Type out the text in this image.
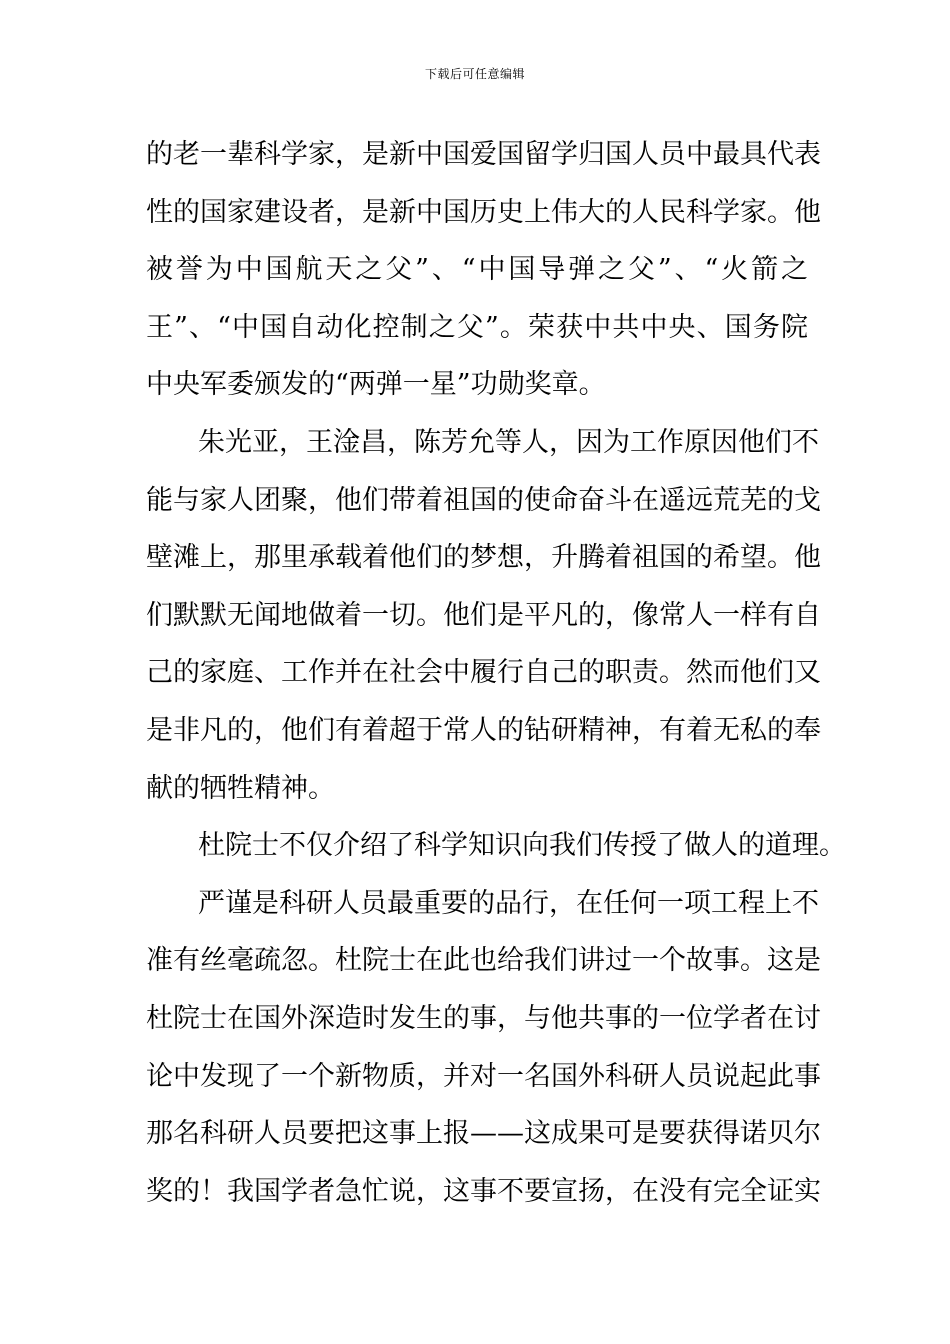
下载后可任意编辑
的老一辈科学家，是新中国爱国留学归国人员中最具代表
性的国家建设者，是新中国历史上伟大的人民科学家。他
被誉为中国航天之父”、“中国导弹之父”、“火箭之
王”、“中国自动化控制之父”。荣获中共中央、国务院
中央军委颁发的“两弹一星”功勋奖章。
朱光亚，王淦昌，陈芳允等人，因为工作原因他们不
能与家人团聚，他们带着祖国的使命奋斗在遥远荒芜的戈
壁滩上，那里承载着他们的梦想，升腾着祖国的希望。他
们默默无闻地做着一切。他们是平凡的，像常人一样有自
己的家庭、工作并在社会中履行自己的职责。然而他们又
是非凡的，他们有着超于常人的钻研精神，有着无私的奉
献的牺牲精神。
杜院士不仅介绍了科学知识向我们传授了做人的道理。
严谨是科研人员最重要的品行，在任何一项工程上不
准有丝毫疏忽。杜院士在此也给我们讲过一个故事。这是
杜院士在国外深造时发生的事，与他共事的一位学者在讨
论中发现了一个新物质，并对一名国外科研人员说起此事
那名科研人员要把这事上报——这成果可是要获得诺贝尔
奖的！我国学者急忙说，这事不要宣扬，在没有完全证实
